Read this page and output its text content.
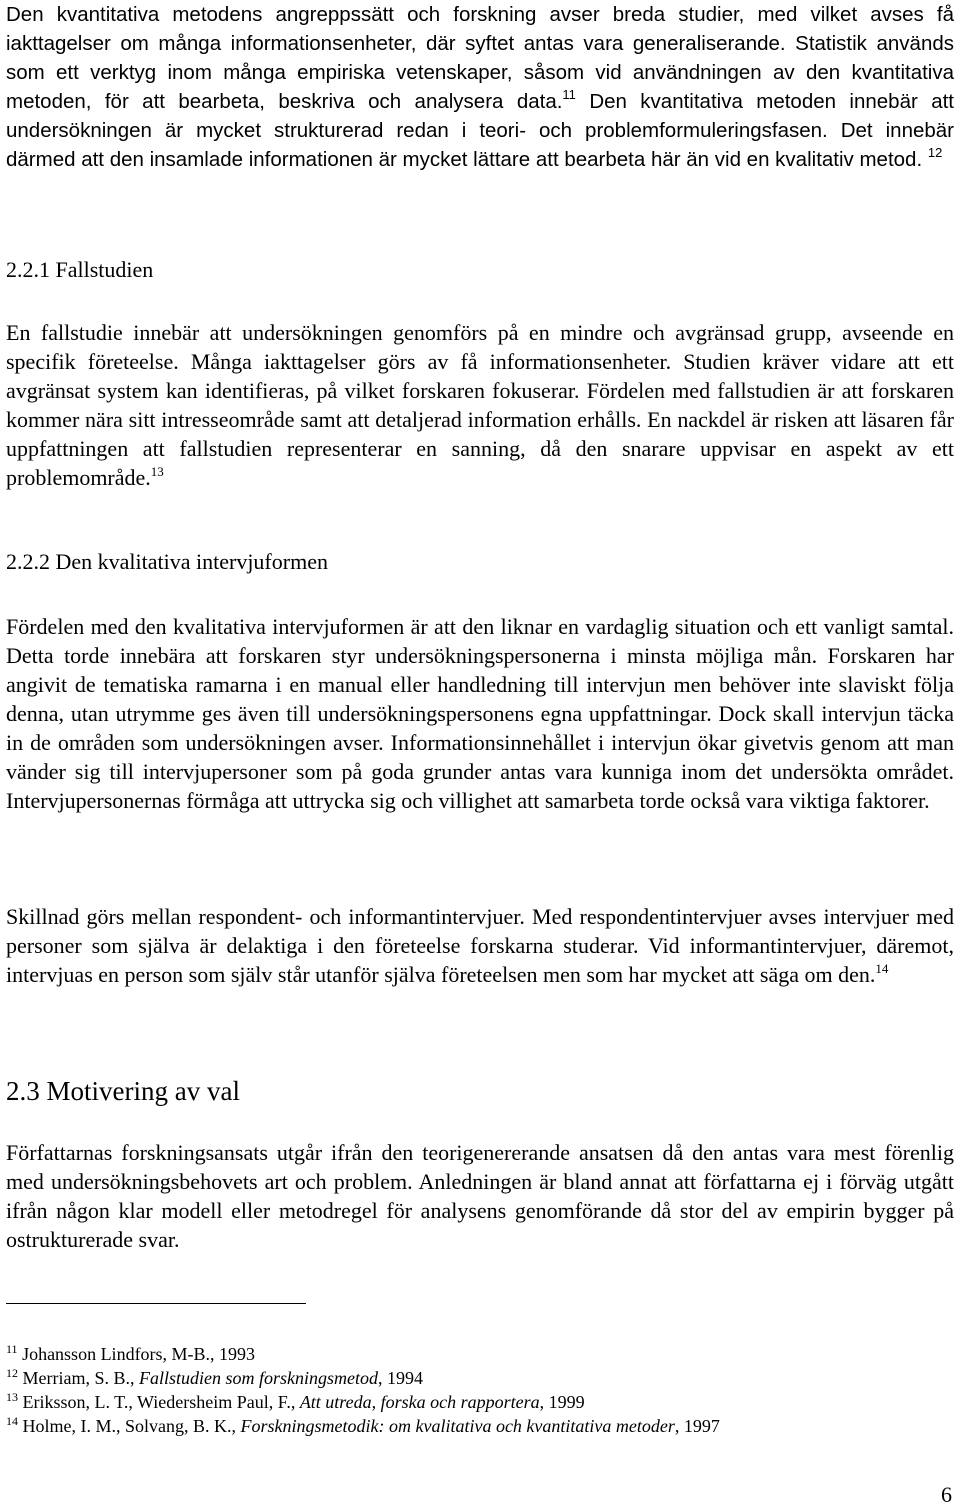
Den kvantitativa metodens angreppssätt och forskning avser breda studier, med vilket avses få iakttagelser om många informationsenheter, där syftet antas vara generaliserande. Statistik används som ett verktyg inom många empiriska vetenskaper, såsom vid användningen av den kvantitativa metoden, för att bearbeta, beskriva och analysera data.$^{11}$ Den kvantitativa metoden innebär att undersökningen är mycket strukturerad redan i teori- och problemformuleringsfasen. Det innebär därmed att den insamlade informationen är mycket lättare att bearbeta här än vid en kvalitativ metod. $^{12}$

2.2.1 Fallstudien

En fallstudie innebär att undersökningen genomförs på en mindre och avgränsad grupp, avseende en specifik företeelse. Många iakttagelser görs av få informationsenheter. Studien kräver vidare att ett avgränsat system kan identifieras, på vilket forskaren fokuserar. Fördelen med fallstudien är att forskaren kommer nära sitt intresseområde samt att detaljerad information erhålls. En nackdel är risken att läsaren får uppfattningen att fallstudien representerar en sanning, då den snarare uppvisar en aspekt av ett problemområde.$^{13}$

2.2.2 Den kvalitativa intervjuformen

Fördelen med den kvalitativa intervjuformen är att den liknar en vardaglig situation och ett vanligt samtal. Detta torde innebära att forskaren styr undersökningspersonerna i minsta möjliga mån. Forskaren har angivit de tematiska ramarna i en manual eller handledning till intervjun men behöver inte slaviskt följa denna, utan utrymme ges även till undersökningspersonens egna uppfattningar. Dock skall intervjun täcka in de områden som undersökningen avser. Informationsinnehållet i intervjun ökar givetvis genom att man vänder sig till intervjupersoner som på goda grunder antas vara kunniga inom det undersökta området. Intervjupersonernas förmåga att uttrycka sig och villighet att samarbeta torde också vara viktiga faktorer.

Skillnad görs mellan respondent- och informantintervjuer. Med respondentintervjuer avses intervjuer med personer som själva är delaktiga i den företeelse forskarna studerar. Vid informantintervjuer, däremot, intervjuas en person som själv står utanför själva företeelsen men som har mycket att säga om den.$^{14}$

2.3 Motivering av val

Författarnas forskningsansats utgår ifrån den teorigenererande ansatsen då den antas vara mest förenlig med undersökningsbehovets art och problem. Anledningen är bland annat att författarna ej i förväg utgått ifrån någon klar modell eller metodregel för analysens genomförande då stor del av empirin bygger på ostrukturerade svar.

$^{11}$ Johansson Lindfors, M-B., 1993
$^{12}$ Merriam, S. B., Fallstudien som forskningsmetod, 1994
$^{13}$ Eriksson, L. T., Wiedersheim Paul, F., Att utreda, forska och rapportera, 1999
$^{14}$ Holme, I. M., Solvang, B. K., Forskningsmetodik: om kvalitativa och kvantitativa metoder, 1997
6
